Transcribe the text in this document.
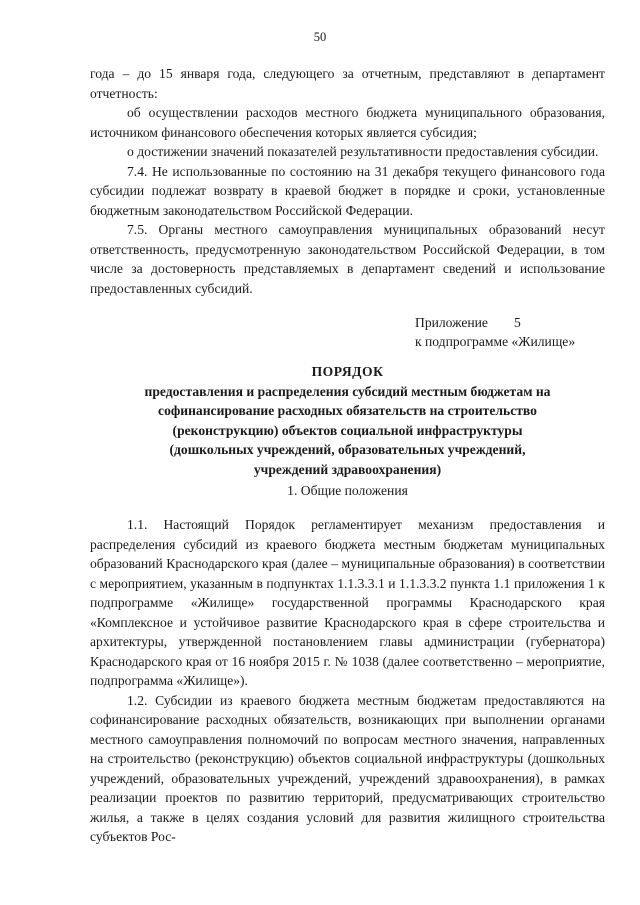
50

года – до 15 января года, следующего за отчетным, представляют в департамент отчетность:

об осуществлении расходов местного бюджета муниципального образования, источником финансового обеспечения которых является субсидия;

о достижении значений показателей результативности предоставления субсидии.

7.4. Не использованные по состоянию на 31 декабря текущего финансового года субсидии подлежат возврату в краевой бюджет в порядке и сроки, установленные бюджетным законодательством Российской Федерации.

7.5. Органы местного самоуправления муниципальных образований несут ответственность, предусмотренную законодательством Российской Федерации, в том числе за достоверность представляемых в департамент сведений и использование предоставленных субсидий.

Приложение 5
к подпрограмме «Жилище»
ПОРЯДОК
предоставления и распределения субсидий местным бюджетам на
софинансирование расходных обязательств на строительство
(реконструкцию) объектов социальной инфраструктуры
(дошкольных учреждений, образовательных учреждений,
учреждений здравоохранения)
1. Общие положения

1.1. Настоящий Порядок регламентирует механизм предоставления и распределения субсидий из краевого бюджета местным бюджетам муниципальных образований Краснодарского края (далее – муниципальные образования) в соответствии с мероприятием, указанным в подпунктах 1.1.3.3.1 и 1.1.3.3.2 пункта 1.1 приложения 1 к подпрограмме «Жилище» государственной программы Краснодарского края «Комплексное и устойчивое развитие Краснодарского края в сфере строительства и архитектуры, утвержденной постановлением главы администрации (губернатора) Краснодарского края от 16 ноября 2015 г. № 1038 (далее соответственно – мероприятие, подпрограмма «Жилище»).

1.2. Субсидии из краевого бюджета местным бюджетам предоставляются на софинансирование расходных обязательств, возникающих при выполнении органами местного самоуправления полномочий по вопросам местного значения, направленных на строительство (реконструкцию) объектов социальной инфраструктуры (дошкольных учреждений, образовательных учреждений, учреждений здравоохранения), в рамках реализации проектов по развитию территорий, предусматривающих строительство жилья, а также в целях создания условий для развития жилищного строительства субъектов Рос-
